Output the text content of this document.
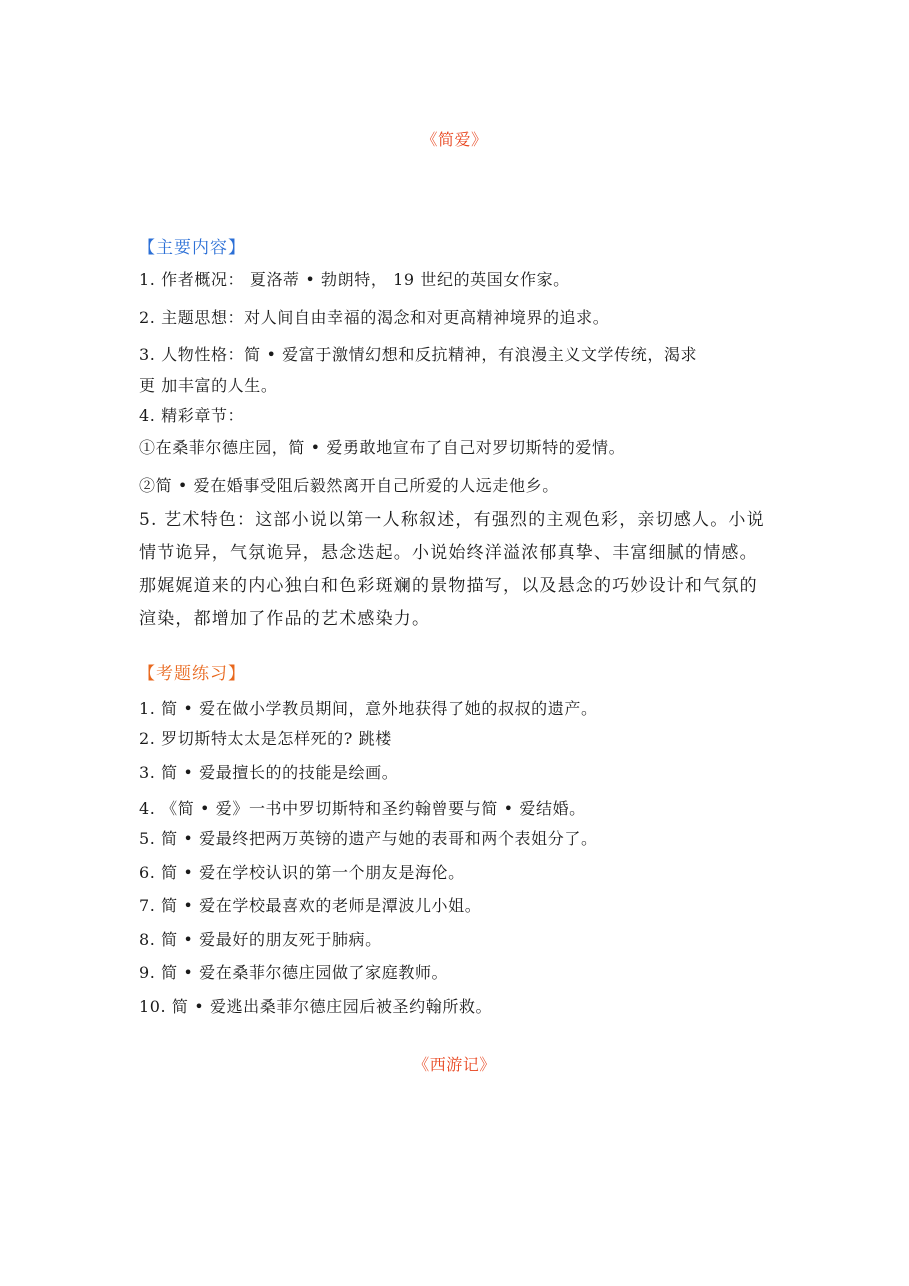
《简爱》
【主要内容】
1. 作者概况： 夏洛蒂 • 勃朗特， 19 世纪的英国女作家。
2. 主题思想：对人间自由幸福的渴念和对更高精神境界的追求。
3. 人物性格：简 • 爱富于激情幻想和反抗精神，有浪漫主义文学传统，渴求
更 加丰富的人生。
4. 精彩章节：
①在桑菲尔德庄园，简 • 爱勇敢地宣布了自己对罗切斯特的爱情。
②简 • 爱在婚事受阻后毅然离开自己所爱的人远走他乡。
5. 艺术特色：这部小说以第一人称叙述，有强烈的主观色彩，亲切感人。小说情节诡异，气氛诡异，悬念迭起。小说始终洋溢浓郁真挚、丰富细腻的情感。那娓娓道来的内心独白和色彩斑斓的景物描写，以及悬念的巧妙设计和气氛的渲染，都增加了作品的艺术感染力。
【考题练习】
1. 简 • 爱在做小学教员期间，意外地获得了她的叔叔的遗产。
2. 罗切斯特太太是怎样死的? 跳楼
3. 简 • 爱最擅长的的技能是绘画。
4. 《简 • 爱》一书中罗切斯特和圣约翰曾要与简 • 爱结婚。
5. 简 • 爱最终把两万英镑的遗产与她的表哥和两个表姐分了。
6. 简 • 爱在学校认识的第一个朋友是海伦。
7. 简 • 爱在学校最喜欢的老师是潭波儿小姐。
8. 简 • 爱最好的朋友死于肺病。
9. 简 • 爱在桑菲尔德庄园做了家庭教师。
10. 简 • 爱逃出桑菲尔德庄园后被圣约翰所救。
《西游记》
